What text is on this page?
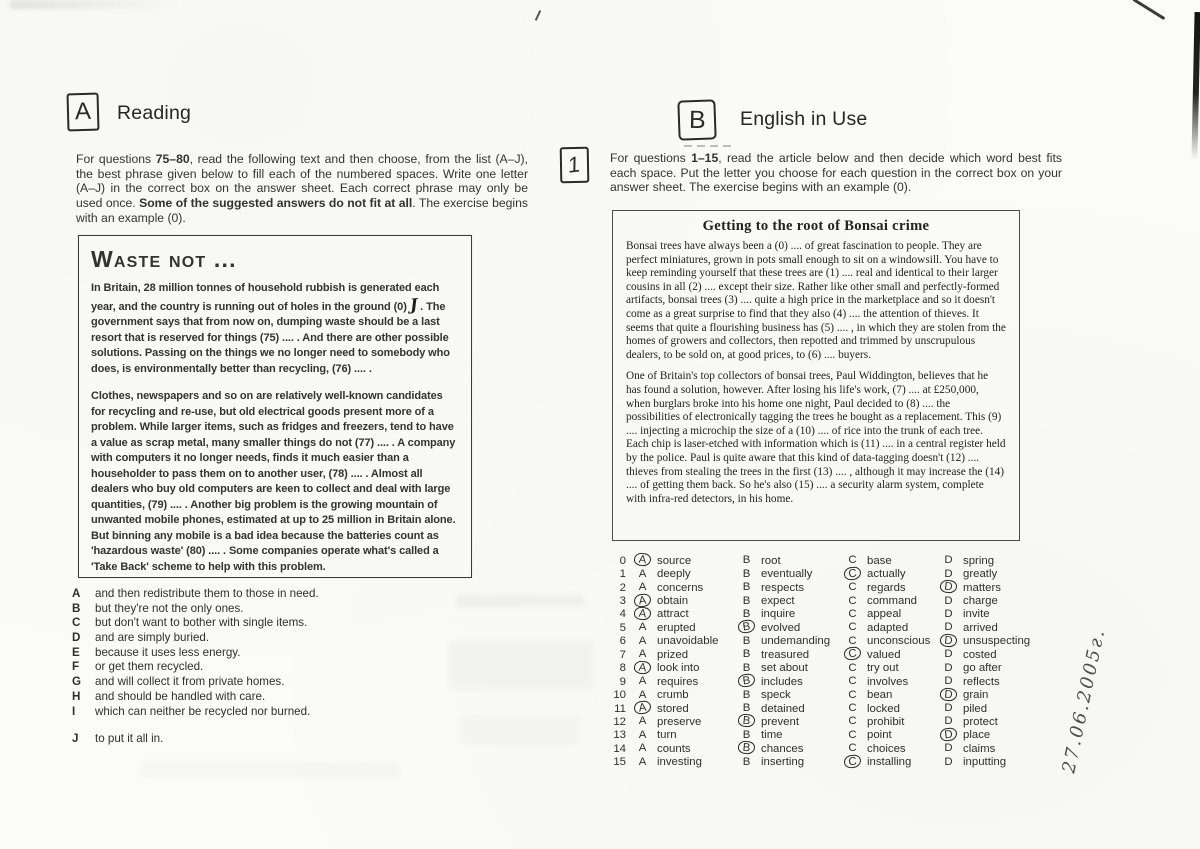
A Reading
For questions 75–80, read the following text and then choose, from the list (A–J), the best phrase given below to fill each of the numbered spaces. Write one letter (A–J) in the correct box on the answer sheet. Each correct phrase may only be used once. Some of the suggested answers do not fit at all. The exercise begins with an example (0).
Waste not ...
In Britain, 28 million tonnes of household rubbish is generated each year, and the country is running out of holes in the ground (0) J . The government says that from now on, dumping waste should be a last resort that is reserved for things (75) .... . And there are other possible solutions. Passing on the things we no longer need to somebody who does, is environmentally better than recycling, (76) .... .
Clothes, newspapers and so on are relatively well-known candidates for recycling and re-use, but old electrical goods present more of a problem. While larger items, such as fridges and freezers, tend to have a value as scrap metal, many smaller things do not (77) .... . A company with computers it no longer needs, finds it much easier than a householder to pass them on to another user, (78) .... . Almost all dealers who buy old computers are keen to collect and deal with large quantities, (79) .... . Another big problem is the growing mountain of unwanted mobile phones, estimated at up to 25 million in Britain alone. But binning any mobile is a bad idea because the batteries count as 'hazardous waste' (80) .... . Some companies operate what's called a 'Take Back' scheme to help with this problem.
A	and then redistribute them to those in need.
B	but they're not the only ones.
C	but don't want to bother with single items.
D	and are simply buried.
E	because it uses less energy.
F	or get them recycled.
G	and will collect it from private homes.
H	and should be handled with care.
I	which can neither be recycled nor burned.
J	to put it all in.
B English in Use
1 For questions 1–15, read the article below and then decide which word best fits each space. Put the letter you choose for each question in the correct box on your answer sheet. The exercise begins with an example (0).
Getting to the root of Bonsai crime
Bonsai trees have always been a (0) .... of great fascination to people. They are perfect miniatures, grown in pots small enough to sit on a windowsill. You have to keep reminding yourself that these trees are (1) .... real and identical to their larger cousins in all (2) .... except their size. Rather like other small and perfectly-formed artifacts, bonsai trees (3) .... quite a high price in the marketplace and so it doesn't come as a great surprise to find that they also (4) .... the attention of thieves. It seems that quite a flourishing business has (5) .... , in which they are stolen from the homes of growers and collectors, then repotted and trimmed by unscrupulous dealers, to be sold on, at good prices, to (6) .... buyers.
One of Britain's top collectors of bonsai trees, Paul Widdington, believes that he has found a solution, however. After losing his life's work, (7) .... at £250,000, when burglars broke into his home one night, Paul decided to (8) .... the possibilities of electronically tagging the trees he bought as a replacement. This (9) .... injecting a microchip the size of a (10) .... of rice into the trunk of each tree. Each chip is laser-etched with information which is (11) .... in a central register held by the police. Paul is quite aware that this kind of data-tagging doesn't (12) .... thieves from stealing the trees in the first (13) .... , although it may increase the (14) .... of getting them back. So he's also (15) .... a security alarm system, complete with infra-red detectors, in his home.
0	A source	B root	C base	D spring
1	A deeply	B eventually	C actually	D greatly
2	A concerns	B respects	C regards	D matters
3	A obtain	B expect	C command	D charge
4	A attract	B inquire	C appeal	D invite
5	A erupted	B evolved	C adapted	D arrived
6	A unavoidable	B undemanding	C unconscious	D unsuspecting
7	A prized	B treasured	C valued	D costed
8	A look into	B set about	C try out	D go after
9	A requires	B includes	C involves	D reflects
10	A crumb	B speck	C bean	D grain
11	A stored	B detained	C locked	D piled
12	A preserve	B prevent	C prohibit	D protect
13	A turn	B time	C point	D place
14	A counts	B chances	C choices	D claims
15	A investing	B inserting	C installing	D inputting	27.06.2005г.
